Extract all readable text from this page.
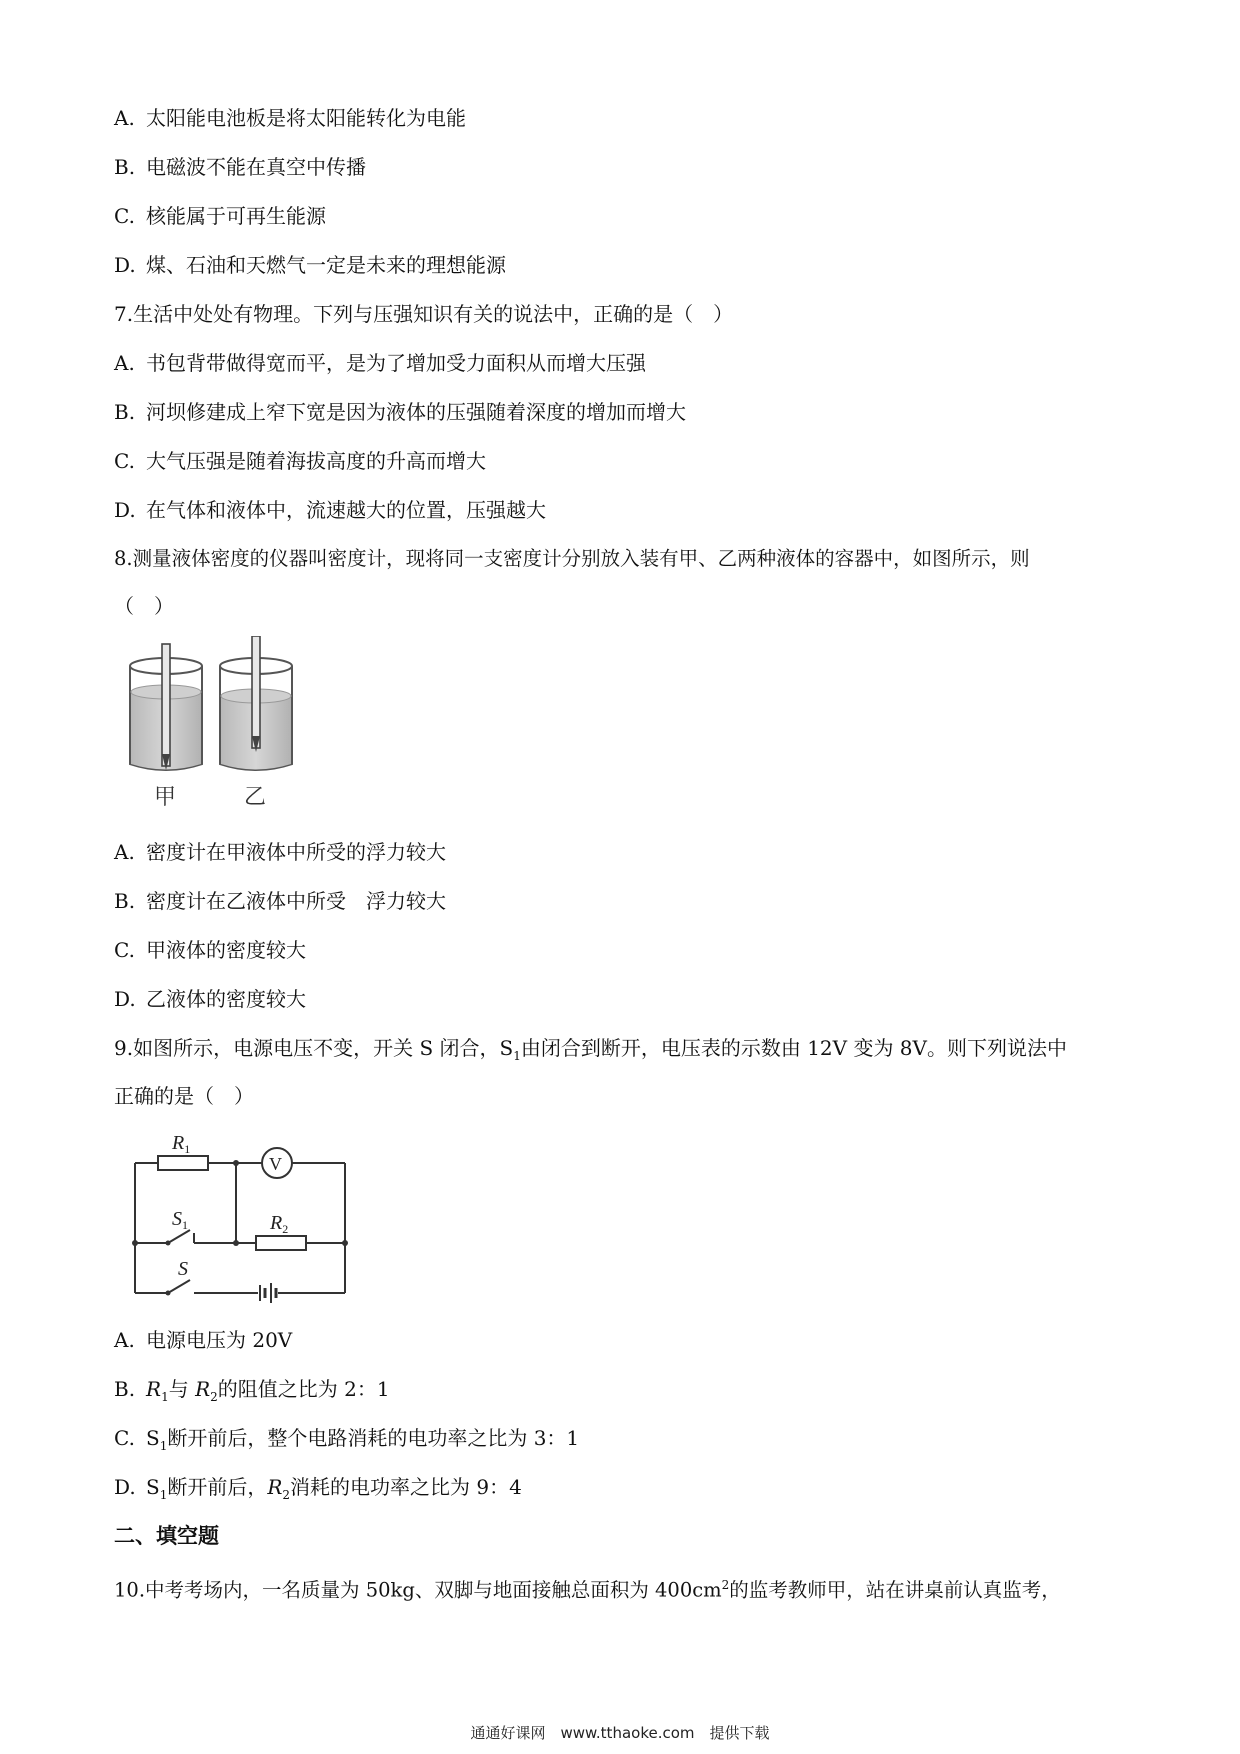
A. 太阳能电池板是将太阳能转化为电能
B. 电磁波不能在真空中传播
C. 核能属于可再生能源
D. 煤、石油和天燃气一定是未来的理想能源
7.生活中处处有物理。下列与压强知识有关的说法中，正确的是（　）
A. 书包背带做得宽而平，是为了增加受力面积从而增大压强
B. 河坝修建成上窄下宽是因为液体的压强随着深度的增加而增大
C. 大气压强是随着海拔高度的升高而增大
D. 在气体和液体中，流速越大的位置，压强越大
8.测量液体密度的仪器叫密度计，现将同一支密度计分别放入装有甲、乙两种液体的容器中，如图所示，则
（　）
甲	乙
A. 密度计在甲液体中所受的浮力较大
B. 密度计在乙液体中所受　浮力较大
C. 甲液体的密度较大
D. 乙液体的密度较大
9.如图所示，电源电压不变，开关 S 闭合，$S_1$由闭合到断开，电压表的示数由 12V 变为 8V。则下列说法中
正确的是（　）
V
$R_1$
$R_2$
$S_1$
S
A. 电源电压为 20V
B. $R_1$与 $R_2$的阻值之比为 2：1
C. $S_1$断开前后，整个电路消耗的电功率之比为 3：1
D. $S_1$断开前后，$R_2$消耗的电功率之比为 9：4
二、填空题
10.中考考场内，一名质量为 50kg、双脚与地面接触总面积为 $400cm^2$的监考教师甲，站在讲桌前认真监考，
通通好课网　www.tthaoke.com　提供下载
